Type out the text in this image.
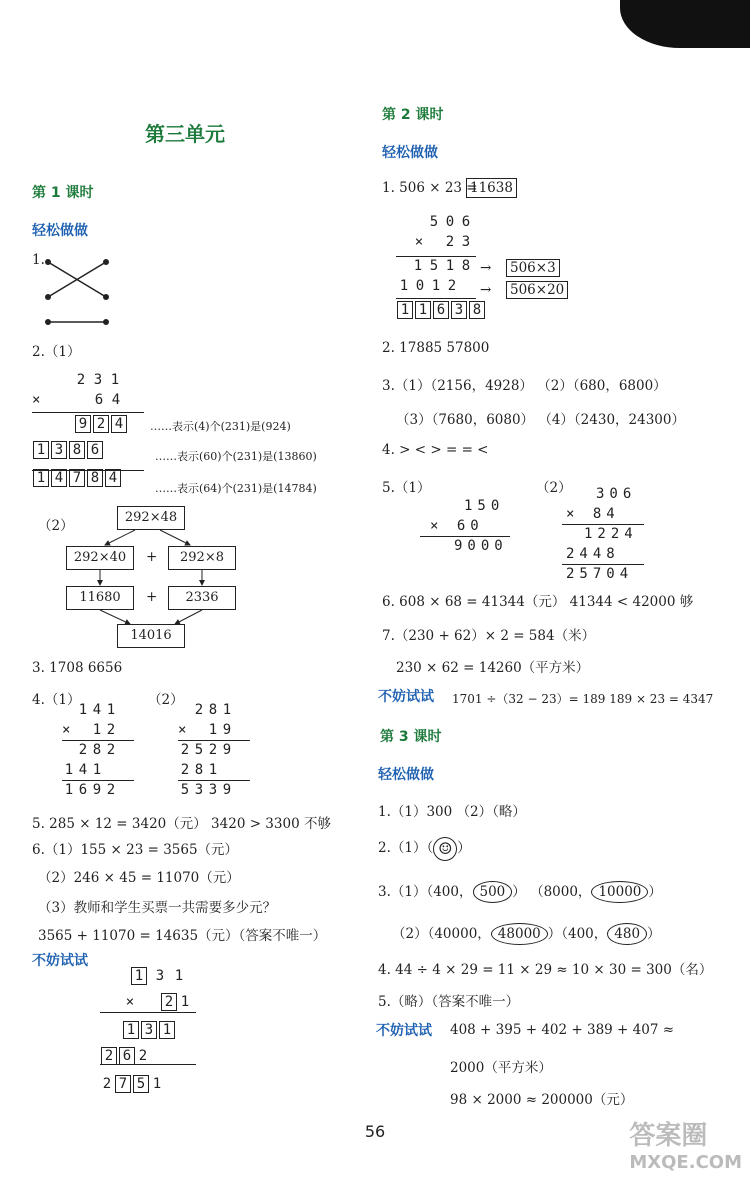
第三单元
第 1 课时
轻松做做
1.
2.（1）
2 3 1
×	6 4
9 2 4
1 3 8 6
1 4 7 8 4
……表示(4)个(231)是(924)
……表示(60)个(231)是(13860)
……表示(64)个(231)是(14784)
（2）
292×48
292×40	+	292×8
11680	+	2336
14016
3. 1708 6656
4.（1）	（2）
1 4 1
×	1 2
2 8 2
1 4 1
1 6 9 2
2 8 1
×	1 9
2 5 2 9
2 8 1
5 3 3 9
5. 285 × 12 = 3420（元） 3420 > 3300 不够
6.（1）155 × 23 = 3565（元）
（2）246 × 45 = 11070（元）
（3）教师和学生买票一共需要多少元？
3565 + 11070 = 14635（元）（答案不唯一）
不妨试试
1 3 1
×	2 1
1 3 1
2 6 2
2 7 5 1
第 2 课时
轻松做做
1. 506 × 23 =
11638
5 0 6
×	2 3
1 5 1 8
1 0 1 2
1 1 6 3 8
→ 506×3
→ 506×20
2. 17885 57800
3.（1）（2156，4928） （2）（680，6800）
（3）（7680，6080） （4）（2430，24300）
4. > < > = = <
5.（1）	（2）
150
× 60
9000
306
× 84
1224
2448
25704
6. 608 × 68 = 41344（元） 41344 < 42000 够
7.（230 + 62）× 2 = 584（米）
230 × 62 = 14260（平方米）
不妨试试 1701 ÷（32 − 23）= 189 189 × 23 = 4347
第 3 课时
轻松做做
1.（1）300 （2）（略）
2.（1）（ ☺ ）
3.（1）（400， 500 ） （8000， 10000 ）
（2）（40000， 48000 ）（400， 480 ）
4. 44 ÷ 4 × 29 = 11 × 29 ≈ 10 × 30 = 300（名）
5.（略）（答案不唯一）
不妨试试 408 + 395 + 402 + 389 + 407 ≈
2000（平方米）
98 × 2000 ≈ 200000（元）
56	答案圈
MXQE.COM
